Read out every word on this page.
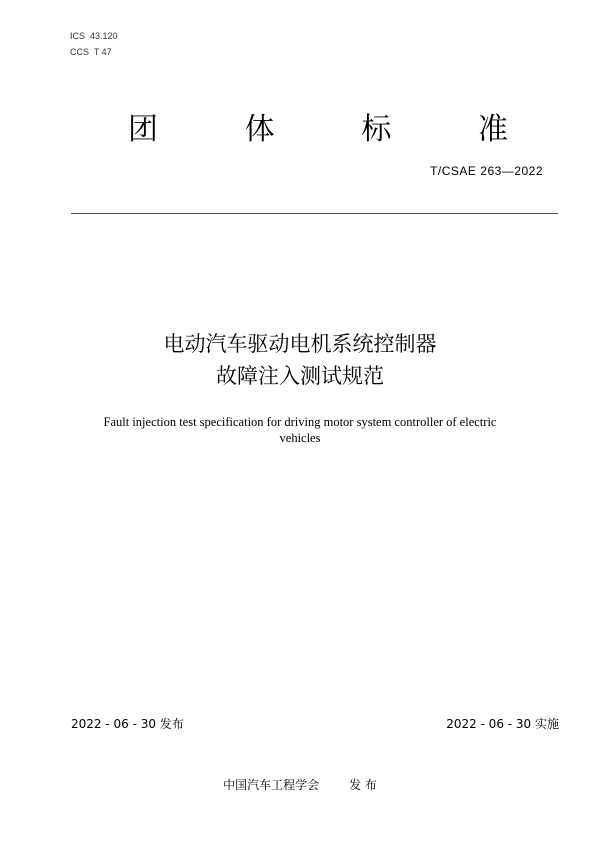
ICS  43.120
CCS  T 47
团	体	标	准
T/CSAE 263—2022
电动汽车驱动电机系统控制器
故障注入测试规范
Fault injection test specification for driving motor system controller of electric
vehicles
2022 - 06 - 30 发布	2022 - 06 - 30 实施
中国汽车工程学会	发 布
